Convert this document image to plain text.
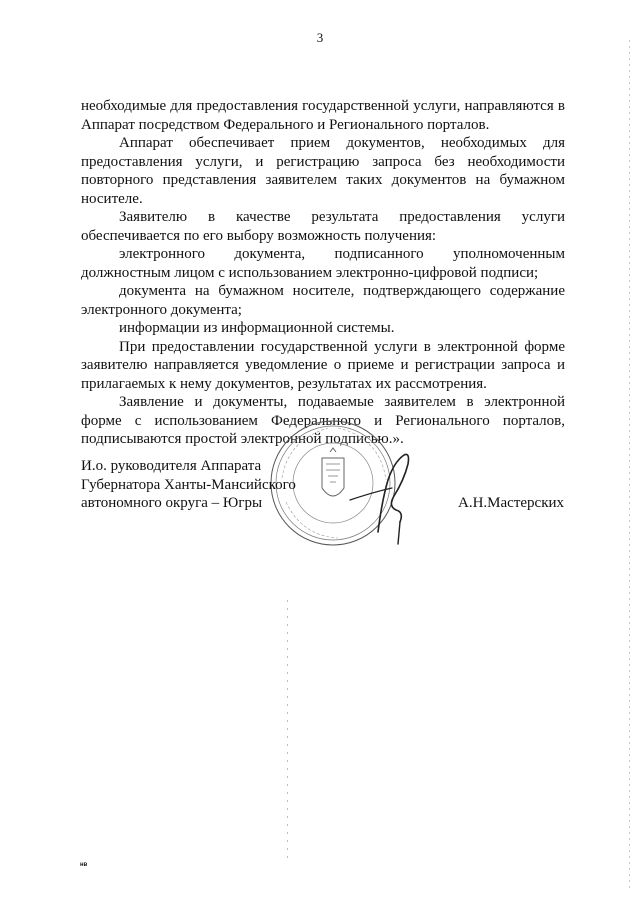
3

необходимые для предоставления государственной услуги, направляются в Аппарат посредством Федерального и Регионального порталов.

Аппарат обеспечивает прием документов, необходимых для предоставления услуги, и регистрацию запроса без необходимости повторного представления заявителем таких документов на бумажном носителе.

Заявителю в качестве результата предоставления услуги обеспечивается по его выбору возможность получения:

электронного документа, подписанного уполномоченным должностным лицом с использованием электронно-цифровой подписи;

документа на бумажном носителе, подтверждающего содержание электронного документа;

информации из информационной системы.

При предоставлении государственной услуги в электронной форме заявителю направляется уведомление о приеме и регистрации запроса и прилагаемых к нему документов, результатах их рассмотрения.

Заявление и документы, подаваемые заявителем в электронной форме с использованием Федерального и Регионального порталов, подписываются простой электронной подписью.».

И.о. руководителя Аппарата
Губернатора Ханты-Мансийского
автономного округа – Югры	А.Н.Мастерских
нв
